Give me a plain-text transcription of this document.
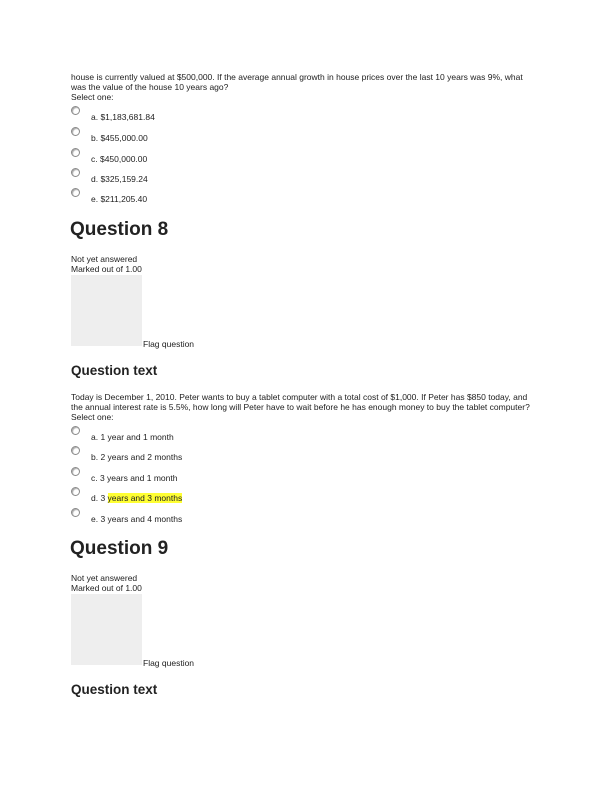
house is currently valued at $500,000. If the average annual growth in house prices over the last 10 years was 9%, what

was the value of the house 10 years ago?

Select one:

a. $1,183,681.84
b. $455,000.00
c. $450,000.00
d. $325,159.24
e. $211,205.40
Question 8

Not yet answered

Marked out of 1.00

Flag question
Question text

Today is December 1, 2010. Peter wants to buy a tablet computer with a total cost of $1,000. If Peter has $850 today, and

the annual interest rate is 5.5%, how long will Peter have to wait before he has enough money to buy the tablet computer?

Select one:

a. 1 year and 1 month
b. 2 years and 2 months
c. 3 years and 1 month
d. 3 years and 3 months
e. 3 years and 4 months
Question 9

Not yet answered

Marked out of 1.00

Flag question
Question text
